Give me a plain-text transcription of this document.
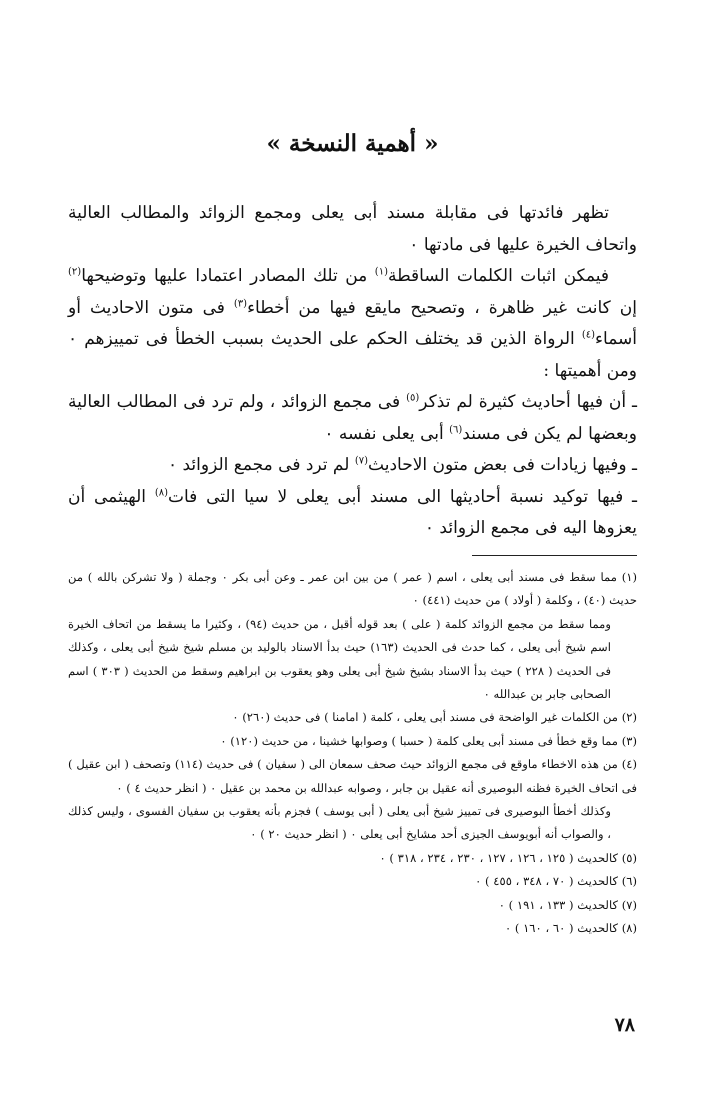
« أهمية النسخة »

تظهر فائدتها فى مقابلة مسند أبى يعلى ومجمع الزوائد والمطالب العالية واتحاف الخيرة عليها فى مادتها ٠

فيمكن اثبات الكلمات الساقطة$^{(١)}$ من تلك المصادر اعتمادا عليها وتوضيحها$^{(٢)}$ إن كانت غير ظاهرة ، وتصحيح مايقع فيها من أخطاء$^{(٣)}$ فى متون الاحاديث أو أسماء$^{(٤)}$ الرواة الذين قد يختلف الحكم على الحديث بسبب الخطأ فى تمييزهم ٠ ومن أهميتها :

ـ أن فيها أحاديث كثيرة لم تذكر$^{(٥)}$ فى مجمع الزوائد ، ولم ترد فى المطالب العالية وبعضها لم يكن فى مسند$^{(٦)}$ أبى يعلى نفسه ٠

ـ وفيها زيادات فى بعض متون الاحاديث$^{(٧)}$ لم ترد فى مجمع الزوائد ٠

ـ فيها توكيد نسبة أحاديثها الى مسند أبى يعلى لا سيا التى فات$^{(٨)}$ الهيثمى أن يعزوها اليه فى مجمع الزوائد ٠

(١) مما سقط فى مسند أبى يعلى ، اسم ( عمر ) من بين ابن عمر ـ وعن أبى بكر ٠ وجملة ( ولا تشركن بالله ) من حديث (٤٠) ، وكلمة ( أولاد ) من حديث (٤٤١) ٠

ومما سقط من مجمع الزوائد كلمة ( على ) بعد قوله أقبل ، من حديث (٩٤) ، وكثيرا ما يسقط من اتحاف الخيرة اسم شيخ أبى يعلى ، كما حدث فى الحديث (١٦٣) حيث بدأ الاسناد بالوليد بن مسلم شيخ شيخ أبى يعلى ، وكذلك فى الحديث ( ٢٢٨ ) حيث بدأ الاسناد بشيخ شيخ أبى يعلى وهو يعقوب بن ابراهيم وسقط من الحديث ( ٣٠٣ ) اسم الصحابى جابر بن عبدالله ٠

(٢) من الكلمات غير الواضحة فى مسند أبى يعلى ، كلمة ( امامنا ) فى حديث (٢٦٠) ٠

(٣) مما وقع خطأ فى مسند أبى يعلى كلمة ( حسبا ) وصوابها خشينا ، من حديث (١٢٠) ٠

(٤) من هذه الاخطاء ماوقع فى مجمع الزوائد حيث صحف سمعان الى ( سفيان ) فى حديث (١١٤) وتصحف ( ابن عقيل ) فى اتحاف الخيرة فظنه البوصيرى أنه عقيل بن جابر ، وصوابه عبدالله بن محمد بن عقيل ٠ ( انظر حديث ٤ ) ٠

وكذلك أخطأ البوصيرى فى تمييز شيخ أبى يعلى ( أبى يوسف ) فجزم بأنه يعقوب بن سفيان الفسوى ، وليس كذلك ، والصواب أنه أبويوسف الجيزى أحد مشايخ أبى يعلى ٠ ( انظر حديث ٢٠ ) ٠

(٥) كالحديث ( ١٢٥ ، ١٢٦ ، ١٢٧ ، ٢٣٠ ، ٢٣٤ ، ٣١٨ ) ٠

(٦) كالحديث ( ٧٠ ، ٣٤٨ ، ٤٥٥ ) ٠

(٧) كالحديث ( ١٣٣ ، ١٩١ ) ٠

(٨) كالحديث ( ٦٠ ، ١٦٠ ) ٠

٧٨
